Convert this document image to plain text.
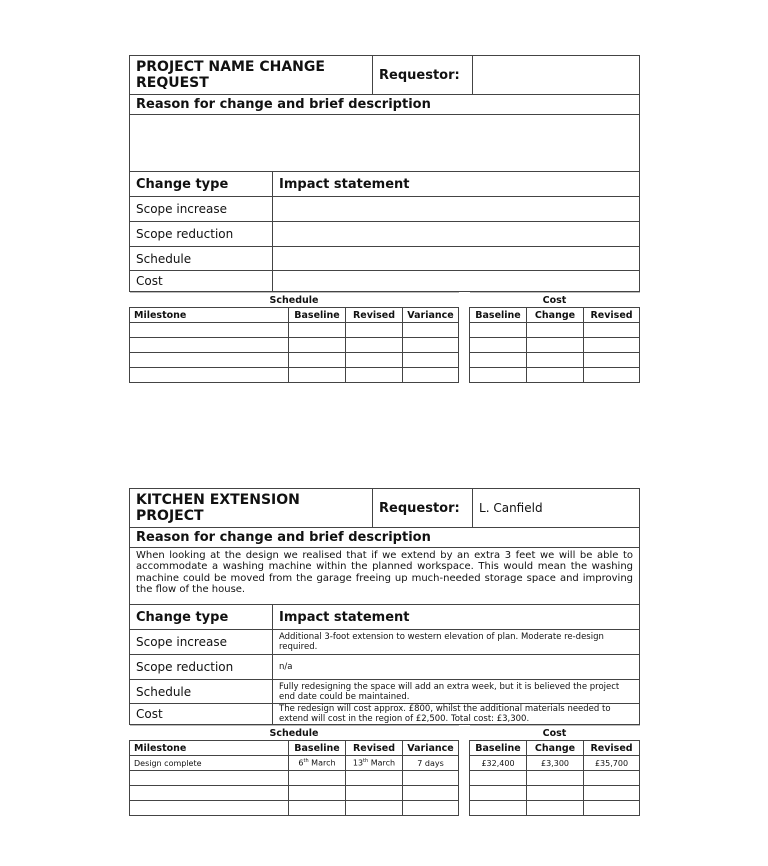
PROJECT NAME CHANGE REQUEST		Requestor:	
Reason for change and brief description			

Change type	Impact statement		
Scope increase			
Scope reduction			
Schedule			
Cost			
Schedule			
Milestone	Baseline	Revised	Variance

Cost		
Baseline	Change	Revised

KITCHEN EXTENSION PROJECT		Requestor:	L. Canfield
Reason for change and brief description			
When looking at the design we realised that if we extend by an extra 3 feet we will be able to accommodate a washing machine within the planned workspace. This would mean the washing machine could be moved from the garage freeing up much-needed storage space and improving the flow of the house.			
Change type	Impact statement		
Scope increase	Additional 3-foot extension to western elevation of plan. Moderate re-design required.		
Scope reduction	n/a		
Schedule	Fully redesigning the space will add an extra week, but it is believed the project end date could be maintained.		
Cost	The redesign will cost approx. £800, whilst the additional materials needed to extend will cost in the region of £2,500. Total cost: £3,300.		
Schedule			
Milestone	Baseline	Revised	Variance
Design complete	6th March	13th March	7 days

Cost		
Baseline	Change	Revised
£32,400	£3,300	£35,700
